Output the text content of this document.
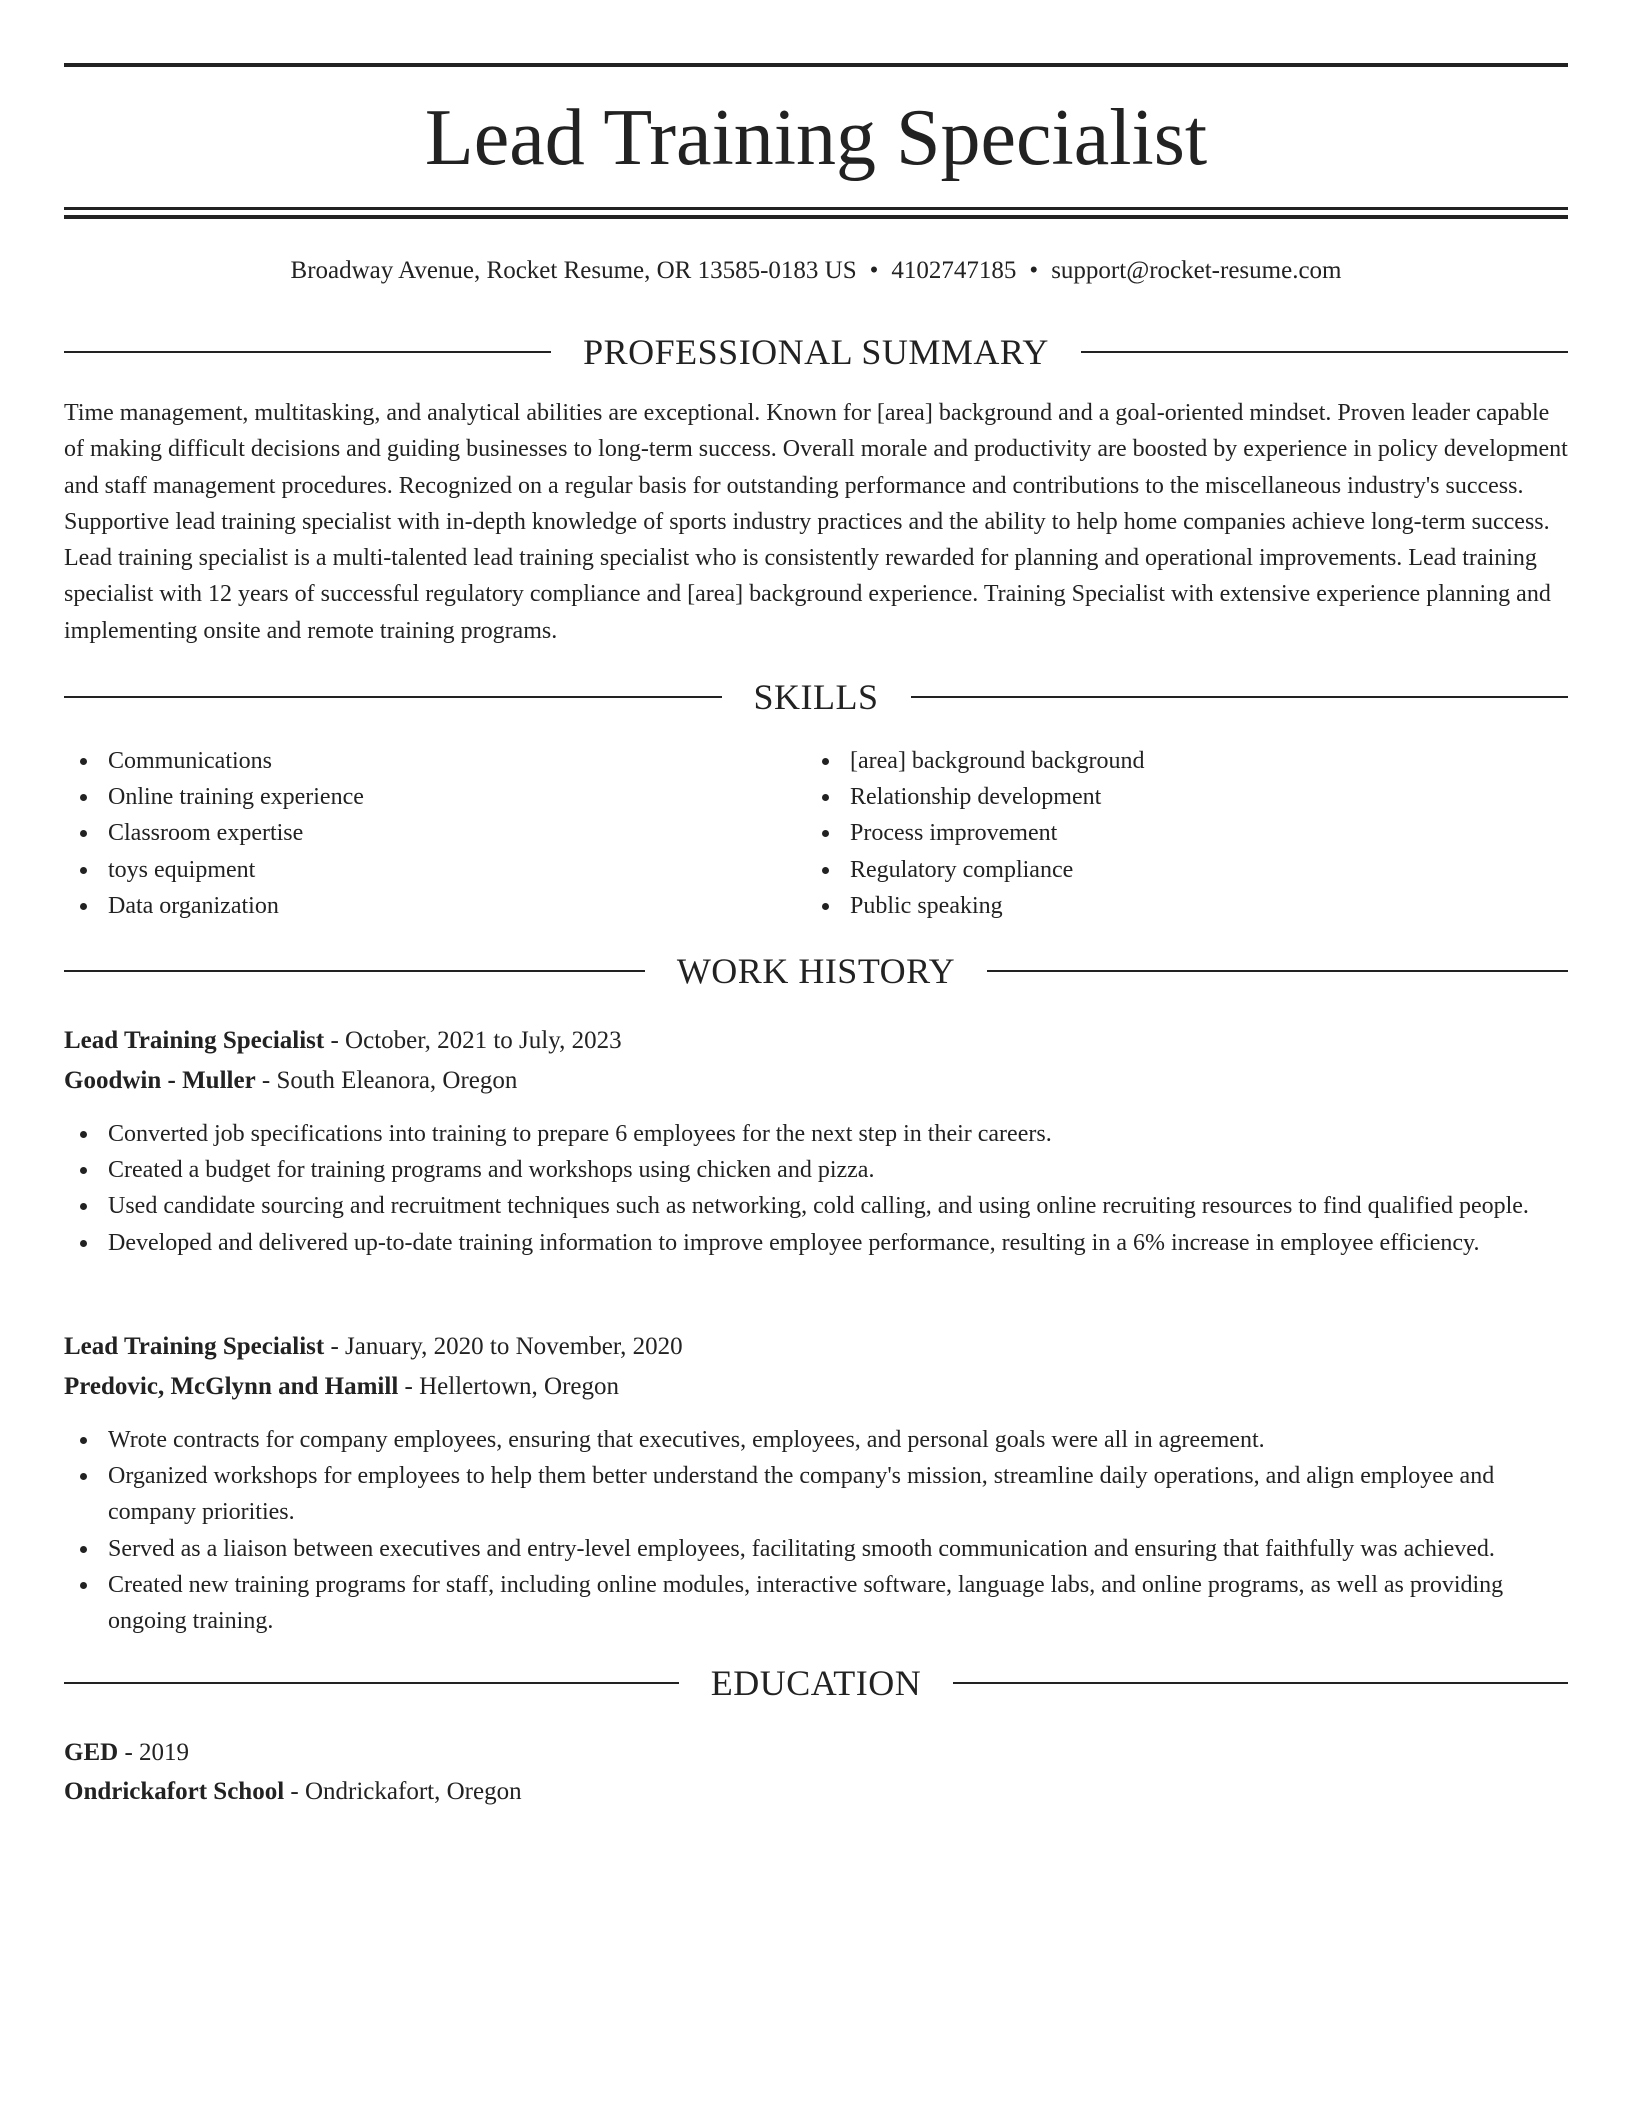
Lead Training Specialist
Broadway Avenue, Rocket Resume, OR 13585-0183 US • 4102747185 • support@rocket-resume.com
PROFESSIONAL SUMMARY

Time management, multitasking, and analytical abilities are exceptional. Known for [area] background and a goal-oriented mindset. Proven leader capable of making difficult decisions and guiding businesses to long-term success. Overall morale and productivity are boosted by experience in policy development and staff management procedures. Recognized on a regular basis for outstanding performance and contributions to the miscellaneous industry's success. Supportive lead training specialist with in-depth knowledge of sports industry practices and the ability to help home companies achieve long-term success. Lead training specialist is a multi-talented lead training specialist who is consistently rewarded for planning and operational improvements. Lead training specialist with 12 years of successful regulatory compliance and [area] background experience. Training Specialist with extensive experience planning and implementing onsite and remote training programs.

SKILLS
Communications
Online training experience
Classroom expertise
toys equipment
Data organization
[area] background background
Relationship development
Process improvement
Regulatory compliance
Public speaking
WORK HISTORY
Lead Training Specialist - October, 2021 to July, 2023
Goodwin - Muller - South Eleanora, Oregon
Converted job specifications into training to prepare 6 employees for the next step in their careers.
Created a budget for training programs and workshops using chicken and pizza.
Used candidate sourcing and recruitment techniques such as networking, cold calling, and using online recruiting resources to find qualified people.
Developed and delivered up-to-date training information to improve employee performance, resulting in a 6% increase in employee efficiency.
Lead Training Specialist - January, 2020 to November, 2020
Predovic, McGlynn and Hamill - Hellertown, Oregon
Wrote contracts for company employees, ensuring that executives, employees, and personal goals were all in agreement.
Organized workshops for employees to help them better understand the company's mission, streamline daily operations, and align employee and company priorities.
Served as a liaison between executives and entry-level employees, facilitating smooth communication and ensuring that faithfully was achieved.
Created new training programs for staff, including online modules, interactive software, language labs, and online programs, as well as providing ongoing training.
EDUCATION
GED - 2019
Ondrickafort School - Ondrickafort, Oregon
